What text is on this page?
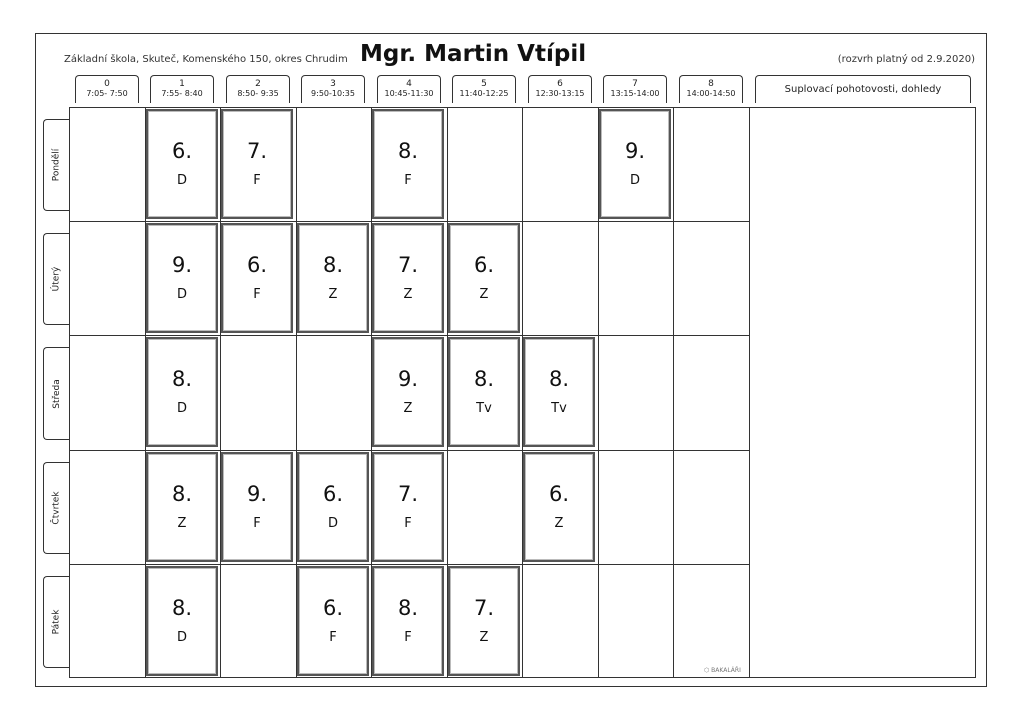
Základní škola, Skuteč, Komenského 150, okres Chrudim Mgr. Martin Vtípil	(rozvrh platný od 2.9.2020)
0
7:05- 7:50
1
7:55- 8:40
2
8:50- 9:35
3
9:50-10:35
4
10:45-11:30
5
11:40-12:25
6
12:30-13:15
7
13:15-14:00
8
14:00-14:50	Suplovací pohotovosti, dohledy
Pondělí
Úterý
Středa
Čtvrtek
Pátek
6.
D
7.
F
8.
F
9.
D
9.
D
6.
F
8.
Z
7.
Z
6.
Z
8.
D
9.
Z
8.
Tv
8.
Tv
8.
Z
9.
F
6.
D
7.
F
6.
Z
8.
D
6.
F
8.
F
7.
Z
⬡ BAKALÁŘI
